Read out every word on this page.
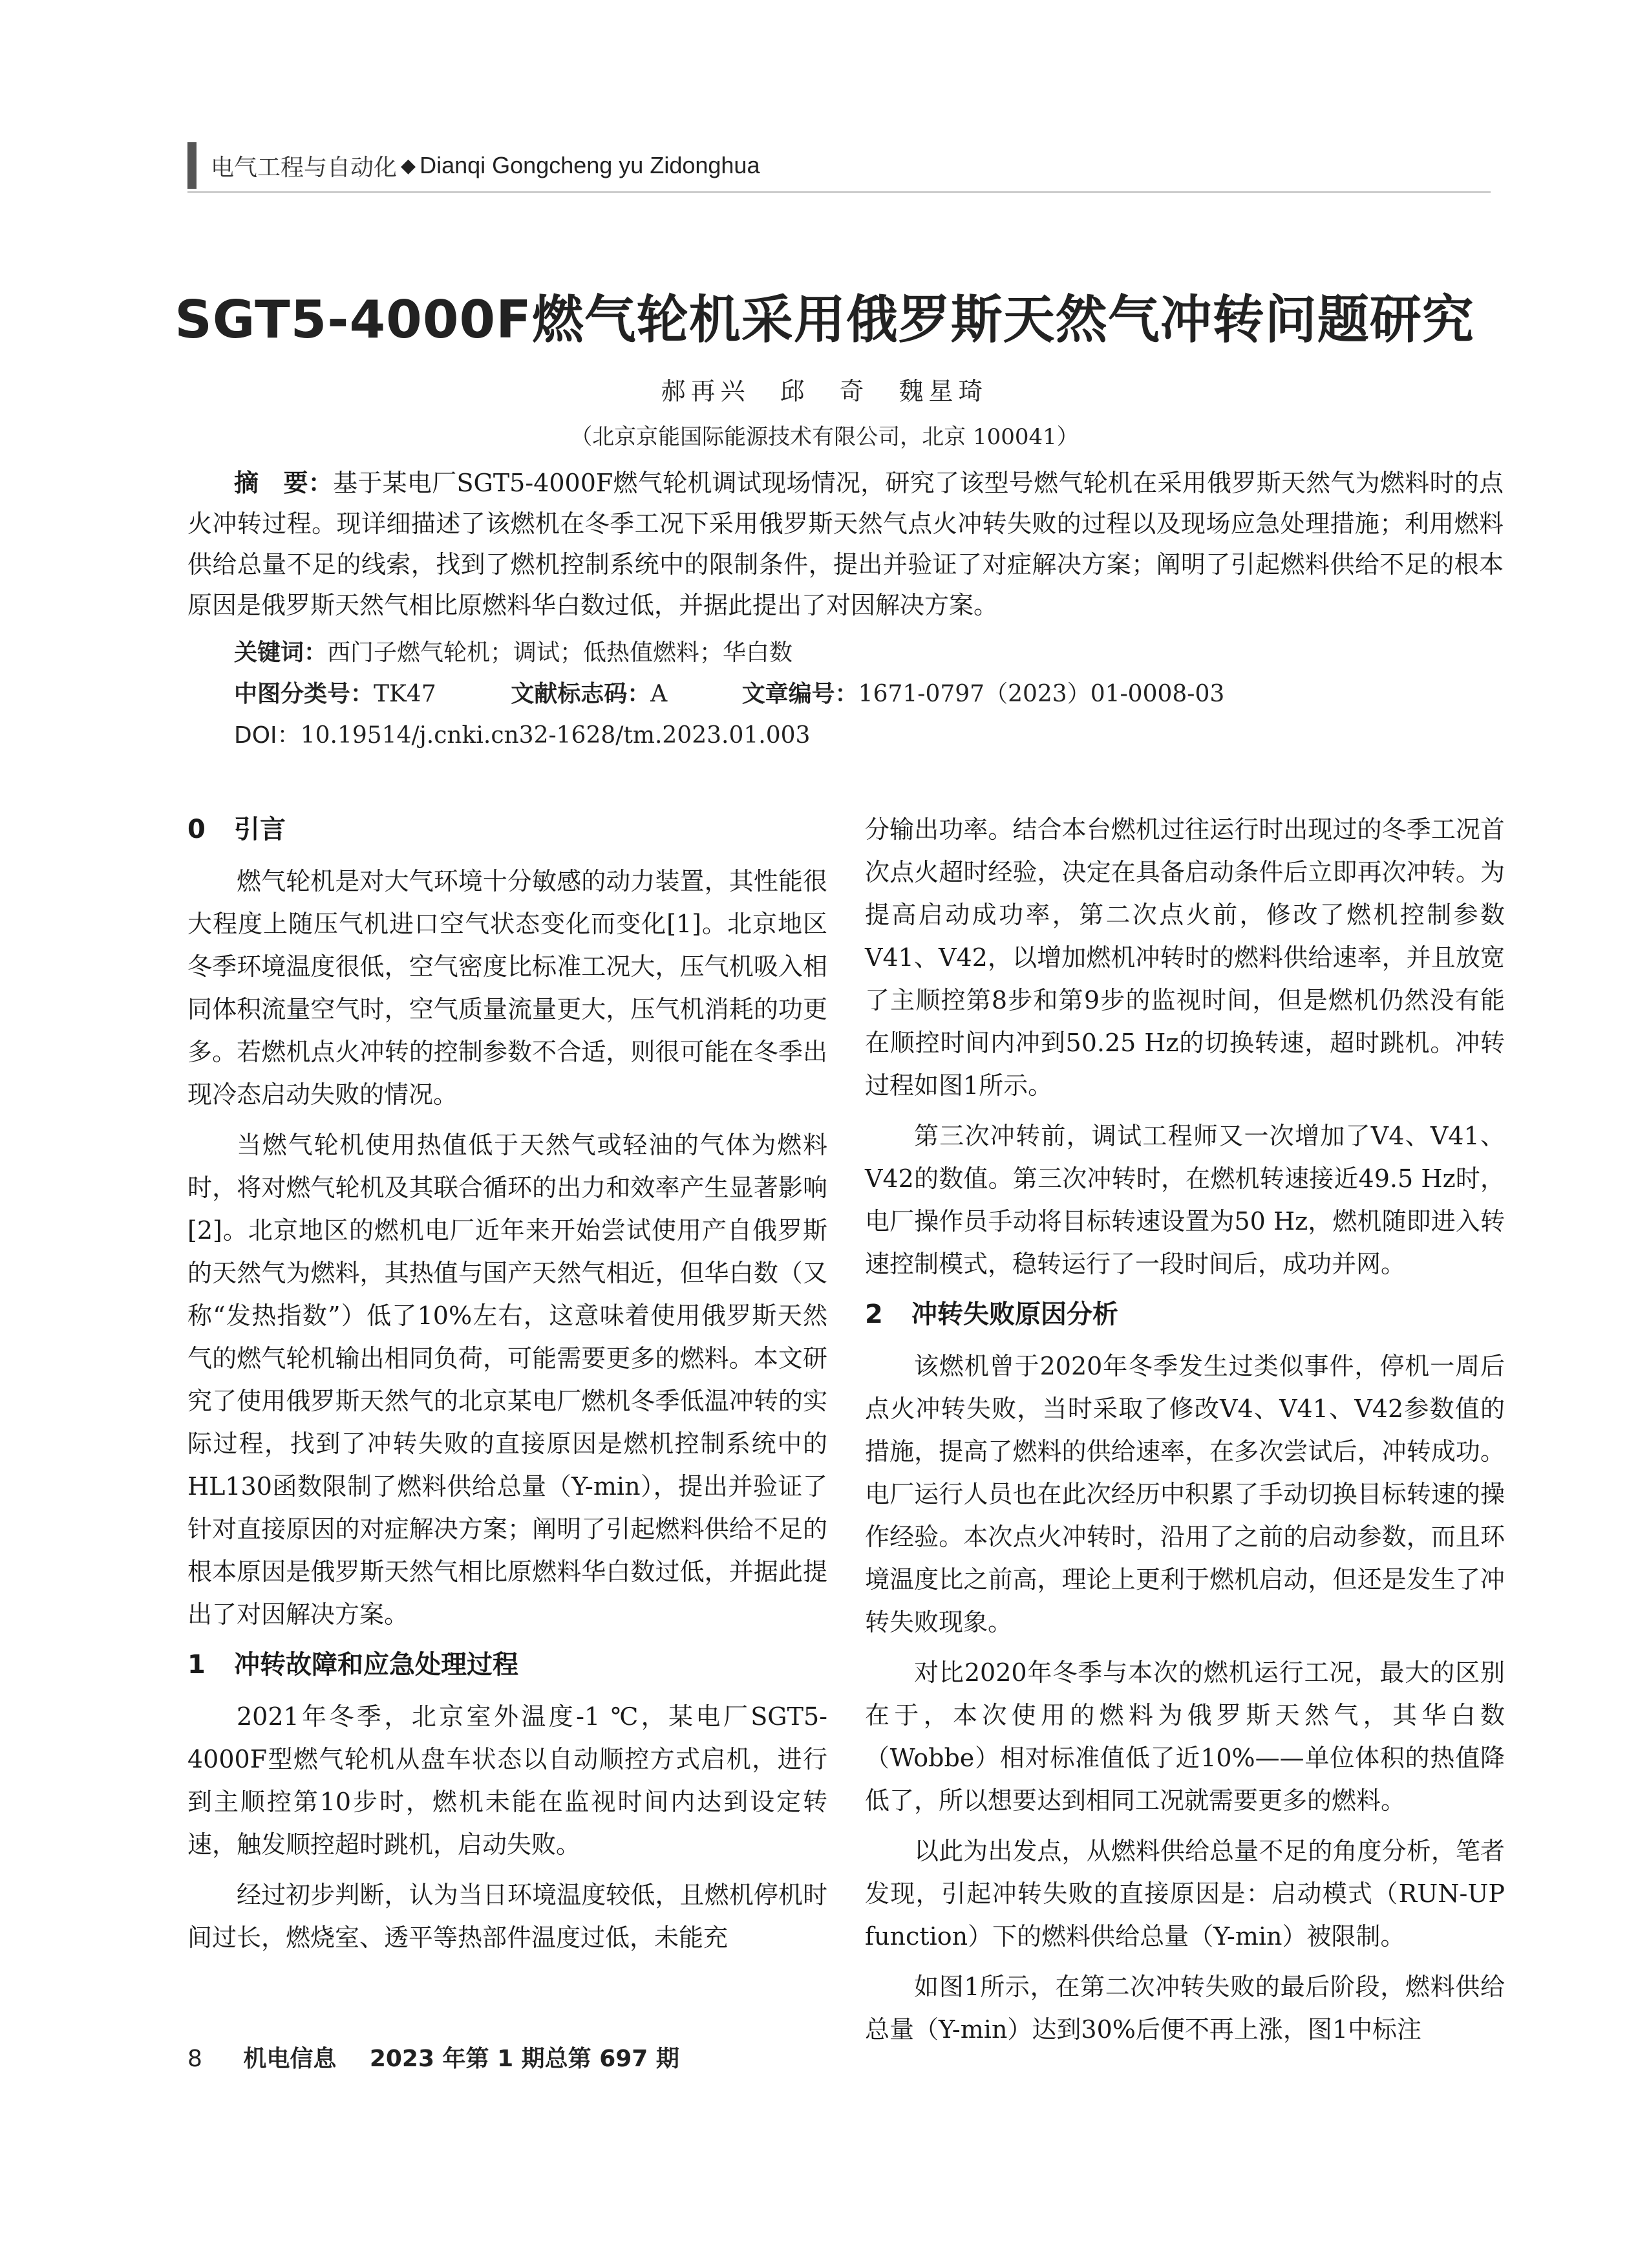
电气工程与自动化 ◆ Dianqi Gongcheng yu Zidonghua
SGT5-4000F燃气轮机采用俄罗斯天然气冲转问题研究
郝再兴　邱　奇　魏星琦
（北京京能国际能源技术有限公司，北京 100041）
摘　要：基于某电厂SGT5-4000F燃气轮机调试现场情况，研究了该型号燃气轮机在采用俄罗斯天然气为燃料时的点火冲转过程。现详细描述了该燃机在冬季工况下采用俄罗斯天然气点火冲转失败的过程以及现场应急处理措施；利用燃料供给总量不足的线索，找到了燃机控制系统中的限制条件，提出并验证了对症解决方案；阐明了引起燃料供给不足的根本原因是俄罗斯天然气相比原燃料华白数过低，并据此提出了对因解决方案。
关键词：西门子燃气轮机；调试；低热值燃料；华白数
中图分类号：TK47	文献标志码：A	文章编号：1671-0797（2023）01-0008-03
DOI：10.19514/j.cnki.cn32-1628/tm.2023.01.003
0 引言

燃气轮机是对大气环境十分敏感的动力装置，其性能很大程度上随压气机进口空气状态变化而变化[1]。北京地区冬季环境温度很低，空气密度比标准工况大，压气机吸入相同体积流量空气时，空气质量流量更大，压气机消耗的功更多。若燃机点火冲转的控制参数不合适，则很可能在冬季出现冷态启动失败的情况。

当燃气轮机使用热值低于天然气或轻油的气体为燃料时，将对燃气轮机及其联合循环的出力和效率产生显著影响[2]。北京地区的燃机电厂近年来开始尝试使用产自俄罗斯的天然气为燃料，其热值与国产天然气相近，但华白数（又称“发热指数”）低了10%左右，这意味着使用俄罗斯天然气的燃气轮机输出相同负荷，可能需要更多的燃料。本文研究了使用俄罗斯天然气的北京某电厂燃机冬季低温冲转的实际过程，找到了冲转失败的直接原因是燃机控制系统中的HL130函数限制了燃料供给总量（Y-min），提出并验证了针对直接原因的对症解决方案；阐明了引起燃料供给不足的根本原因是俄罗斯天然气相比原燃料华白数过低，并据此提出了对因解决方案。

1 冲转故障和应急处理过程

2021年冬季，北京室外温度-1 ℃，某电厂SGT5-4000F型燃气轮机从盘车状态以自动顺控方式启机，进行到主顺控第10步时，燃机未能在监视时间内达到设定转速，触发顺控超时跳机，启动失败。

经过初步判断，认为当日环境温度较低，且燃机停机时间过长，燃烧室、透平等热部件温度过低，未能充

分输出功率。结合本台燃机过往运行时出现过的冬季工况首次点火超时经验，决定在具备启动条件后立即再次冲转。为提高启动成功率，第二次点火前，修改了燃机控制参数V41、V42，以增加燃机冲转时的燃料供给速率，并且放宽了主顺控第8步和第9步的监视时间，但是燃机仍然没有能在顺控时间内冲到50.25 Hz的切换转速，超时跳机。冲转过程如图1所示。

第三次冲转前，调试工程师又一次增加了V4、V41、V42的数值。第三次冲转时，在燃机转速接近49.5 Hz时，电厂操作员手动将目标转速设置为50 Hz，燃机随即进入转速控制模式，稳转运行了一段时间后，成功并网。

2 冲转失败原因分析

该燃机曾于2020年冬季发生过类似事件，停机一周后点火冲转失败，当时采取了修改V4、V41、V42参数值的措施，提高了燃料的供给速率，在多次尝试后，冲转成功。电厂运行人员也在此次经历中积累了手动切换目标转速的操作经验。本次点火冲转时，沿用了之前的启动参数，而且环境温度比之前高，理论上更利于燃机启动，但还是发生了冲转失败现象。

对比2020年冬季与本次的燃机运行工况，最大的区别在于，本次使用的燃料为俄罗斯天然气，其华白数（Wobbe）相对标准值低了近10%——单位体积的热值降低了，所以想要达到相同工况就需要更多的燃料。

以此为出发点，从燃料供给总量不足的角度分析，笔者发现，引起冲转失败的直接原因是：启动模式（RUN-UP function）下的燃料供给总量（Y-min）被限制。

如图1所示，在第二次冲转失败的最后阶段，燃料供给总量（Y-min）达到30%后便不再上涨，图1中标注

8 机电信息 2023 年第 1 期总第 697 期
